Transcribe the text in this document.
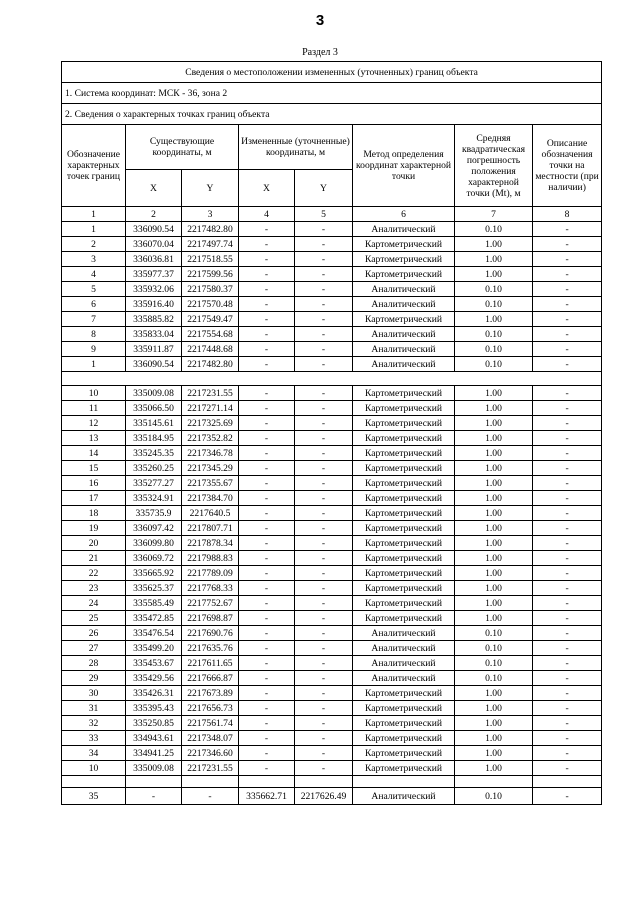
3
Раздел 3
Сведения о местоположении измененных (уточненных) границ объекта							
1. Система координат: МСК - 36, зона 2							
2. Сведения о характерных точках границ объекта							
Обозначение характерных точек границ	Существующие координаты, м		Измененные (уточненные) координаты, м		Метод определения координат характерной точки	Средняя квадратическая погрешность положения характерной точки (Mt), м	Описание обозначения точки на местности (при наличии)
	X	Y	X	Y			
1	2	3	4	5	6	7	8
1	336090.54	2217482.80	-	-	Аналитический	0.10	-
2	336070.04	2217497.74	-	-	Картометрический	1.00	-
3	336036.81	2217518.55	-	-	Картометрический	1.00	-
4	335977.37	2217599.56	-	-	Картометрический	1.00	-
5	335932.06	2217580.37	-	-	Аналитический	0.10	-
6	335916.40	2217570.48	-	-	Аналитический	0.10	-
7	335885.82	2217549.47	-	-	Картометрический	1.00	-
8	335833.04	2217554.68	-	-	Аналитический	0.10	-
9	335911.87	2217448.68	-	-	Аналитический	0.10	-
1	336090.54	2217482.80	-	-	Аналитический	0.10	-

10	335009.08	2217231.55	-	-	Картометрический	1.00	-
11	335066.50	2217271.14	-	-	Картометрический	1.00	-
12	335145.61	2217325.69	-	-	Картометрический	1.00	-
13	335184.95	2217352.82	-	-	Картометрический	1.00	-
14	335245.35	2217346.78	-	-	Картометрический	1.00	-
15	335260.25	2217345.29	-	-	Картометрический	1.00	-
16	335277.27	2217355.67	-	-	Картометрический	1.00	-
17	335324.91	2217384.70	-	-	Картометрический	1.00	-
18	335735.9	2217640.5	-	-	Картометрический	1.00	-
19	336097.42	2217807.71	-	-	Картометрический	1.00	-
20	336099.80	2217878.34	-	-	Картометрический	1.00	-
21	336069.72	2217988.83	-	-	Картометрический	1.00	-
22	335665.92	2217789.09	-	-	Картометрический	1.00	-
23	335625.37	2217768.33	-	-	Картометрический	1.00	-
24	335585.49	2217752.67	-	-	Картометрический	1.00	-
25	335472.85	2217698.87	-	-	Картометрический	1.00	-
26	335476.54	2217690.76	-	-	Аналитический	0.10	-
27	335499.20	2217635.76	-	-	Аналитический	0.10	-
28	335453.67	2217611.65	-	-	Аналитический	0.10	-
29	335429.56	2217666.87	-	-	Аналитический	0.10	-
30	335426.31	2217673.89	-	-	Картометрический	1.00	-
31	335395.43	2217656.73	-	-	Картометрический	1.00	-
32	335250.85	2217561.74	-	-	Картометрический	1.00	-
33	334943.61	2217348.07	-	-	Картометрический	1.00	-
34	334941.25	2217346.60	-	-	Картометрический	1.00	-
10	335009.08	2217231.55	-	-	Картометрический	1.00	-

35	-	-	335662.71	2217626.49	Аналитический	0.10	-
